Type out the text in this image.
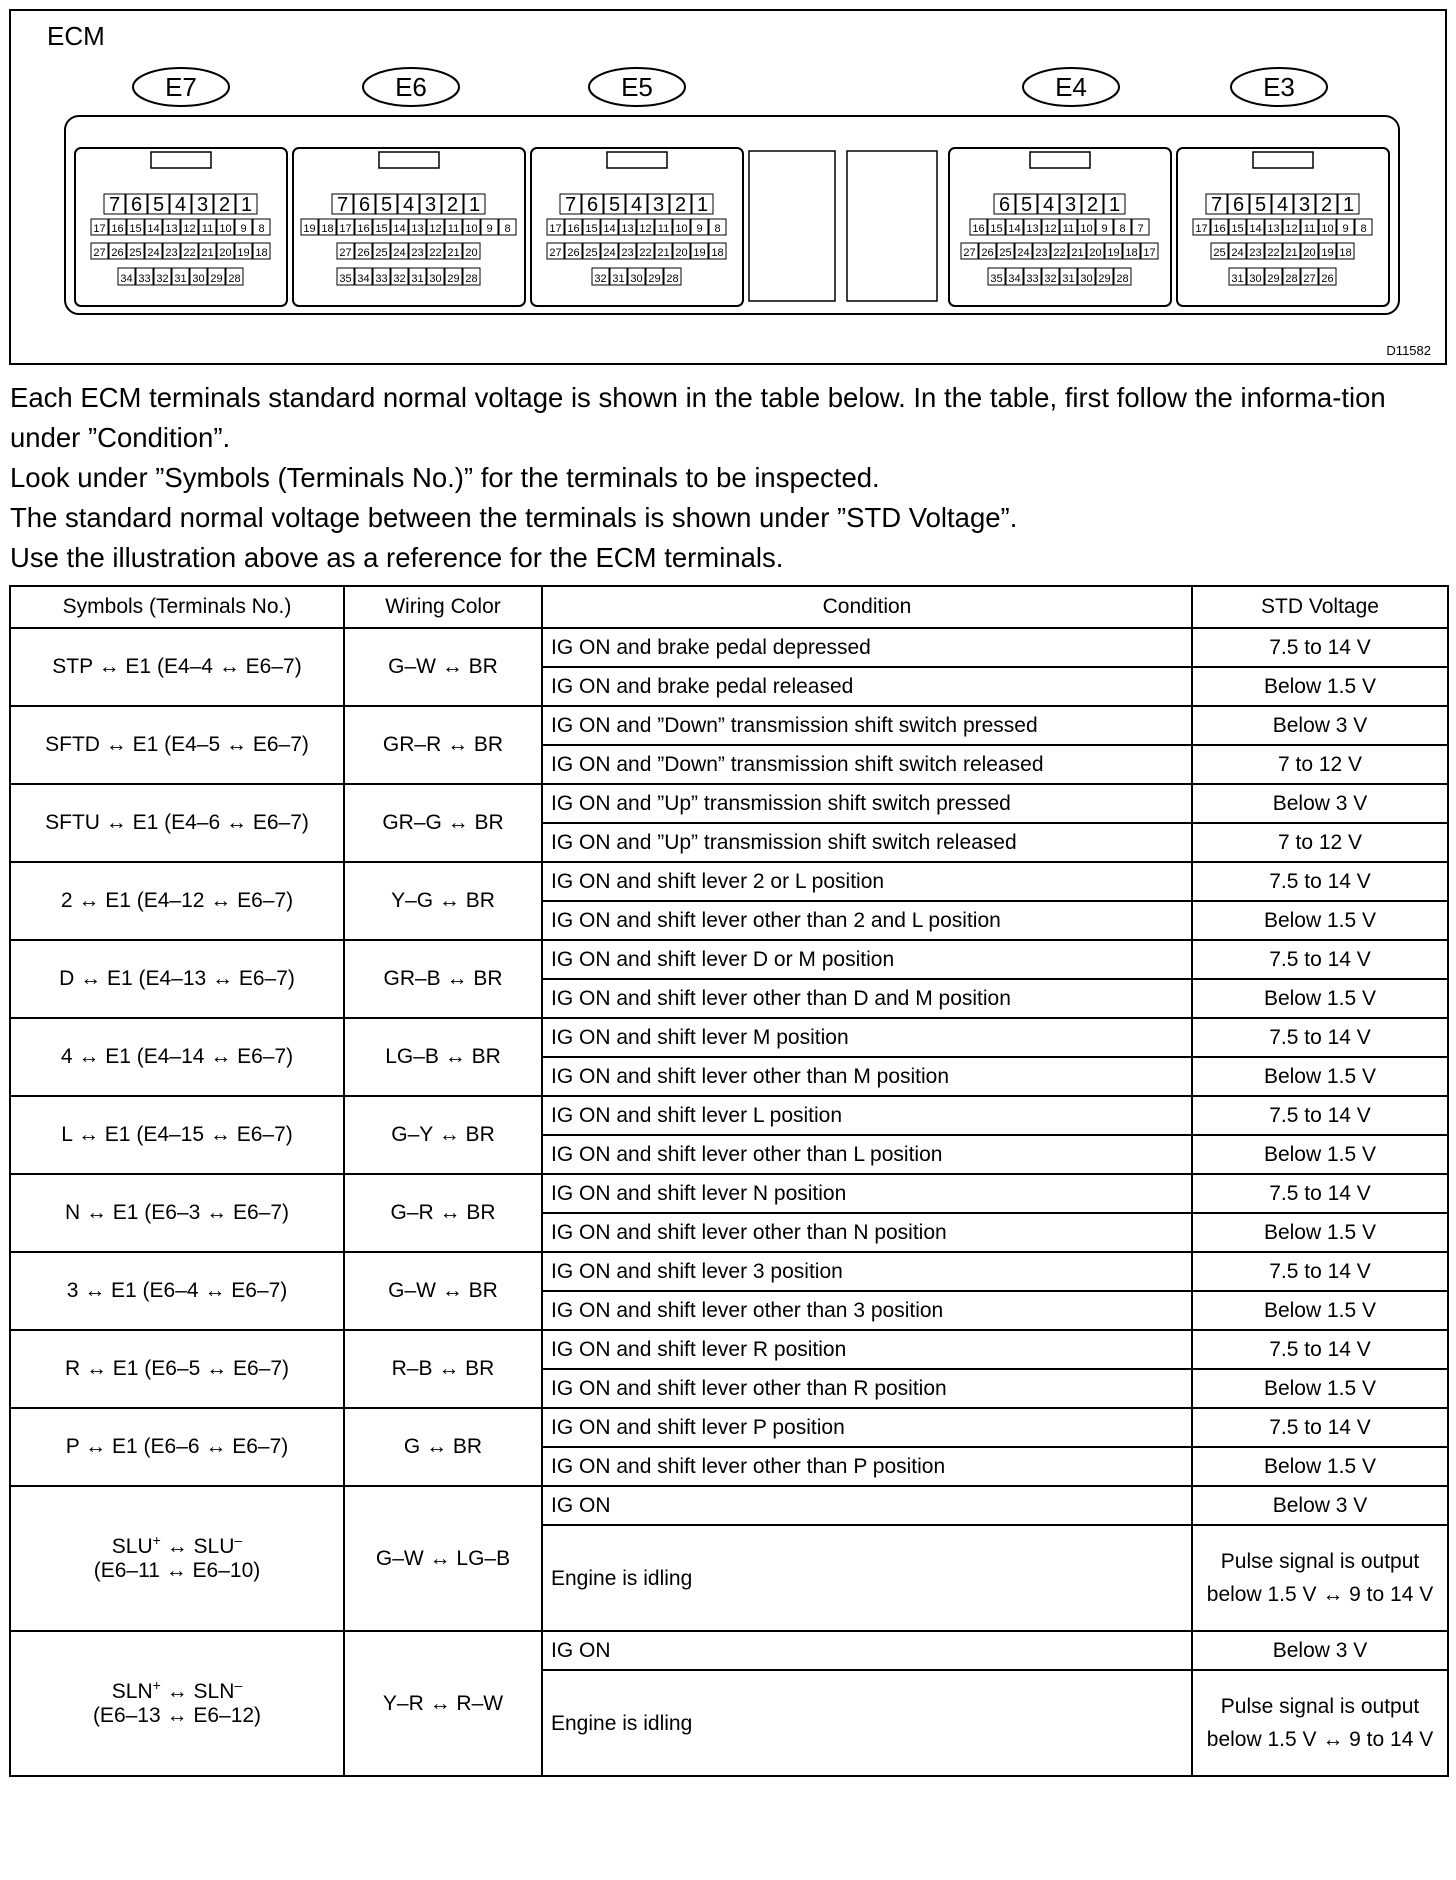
ECM
D11582
E7
7 6 5 4 3 2 1
17 16 15 14 13 12 11 10 9 8
27 26 25 24 23 22 21 20 19 18
34 33 32 31 30 29 28
E6
7 6 5 4 3 2 1
19 18 17 16 15 14 13 12 11 10 9 8
27 26 25 24 23 22 21 20
35 34 33 32 31 30 29 28
E5
7 6 5 4 3 2 1
17 16 15 14 13 12 11 10 9 8
27 26 25 24 23 22 21 20 19 18
32 31 30 29 28
E4
6 5 4 3 2 1
16 15 14 13 12 11 10 9 8 7
27 26 25 24 23 22 21 20 19 18 17
35 34 33 32 31 30 29 28
E3
7 6 5 4 3 2 1
17 16 15 14 13 12 11 10 9 8
25 24 23 22 21 20 19 18
31 30 29 28 27 26

Each ECM terminals standard normal voltage is shown in the table below. In the table, first follow the informa-tion under ”Condition”.

Look under ”Symbols (Terminals No.)” for the terminals to be inspected.

The standard normal voltage between the terminals is shown under ”STD Voltage”.

Use the illustration above as a reference for the ECM terminals.

Symbols (Terminals No.)	Wiring Color	Condition	STD Voltage
STP ↔ E1 (E4–4 ↔ E6–7)	G–W ↔ BR	IG ON and brake pedal depressed	7.5 to 14 V
		IG ON and brake pedal released	Below 1.5 V
SFTD ↔ E1 (E4–5 ↔ E6–7)	GR–R ↔ BR	IG ON and ”Down” transmission shift switch pressed	Below 3 V
		IG ON and ”Down” transmission shift switch released	7 to 12 V
SFTU ↔ E1 (E4–6 ↔ E6–7)	GR–G ↔ BR	IG ON and ”Up” transmission shift switch pressed	Below 3 V
		IG ON and ”Up” transmission shift switch released	7 to 12 V
2 ↔ E1 (E4–12 ↔ E6–7)	Y–G ↔ BR	IG ON and shift lever 2 or L position	7.5 to 14 V
		IG ON and shift lever other than 2 and L position	Below 1.5 V
D ↔ E1 (E4–13 ↔ E6–7)	GR–B ↔ BR	IG ON and shift lever D or M position	7.5 to 14 V
		IG ON and shift lever other than D and M position	Below 1.5 V
4 ↔ E1 (E4–14 ↔ E6–7)	LG–B ↔ BR	IG ON and shift lever M position	7.5 to 14 V
		IG ON and shift lever other than M position	Below 1.5 V
L ↔ E1 (E4–15 ↔ E6–7)	G–Y ↔ BR	IG ON and shift lever L position	7.5 to 14 V
		IG ON and shift lever other than L position	Below 1.5 V
N ↔ E1 (E6–3 ↔ E6–7)	G–R ↔ BR	IG ON and shift lever N position	7.5 to 14 V
		IG ON and shift lever other than N position	Below 1.5 V
3 ↔ E1 (E6–4 ↔ E6–7)	G–W ↔ BR	IG ON and shift lever 3 position	7.5 to 14 V
		IG ON and shift lever other than 3 position	Below 1.5 V
R ↔ E1 (E6–5 ↔ E6–7)	R–B ↔ BR	IG ON and shift lever R position	7.5 to 14 V
		IG ON and shift lever other than R position	Below 1.5 V
P ↔ E1 (E6–6 ↔ E6–7)	G ↔ BR	IG ON and shift lever P position	7.5 to 14 V
		IG ON and shift lever other than P position	Below 1.5 V
SLU+ ↔ SLU–
(E6–11 ↔ E6–10)	G–W ↔ LG–B	IG ON	Below 3 V
		Engine is idling	Pulse signal is output below 1.5 V ↔ 9 to 14 V
SLN+ ↔ SLN–
(E6–13 ↔ E6–12)	Y–R ↔ R–W	IG ON	Below 3 V
		Engine is idling	Pulse signal is output below 1.5 V ↔ 9 to 14 V
